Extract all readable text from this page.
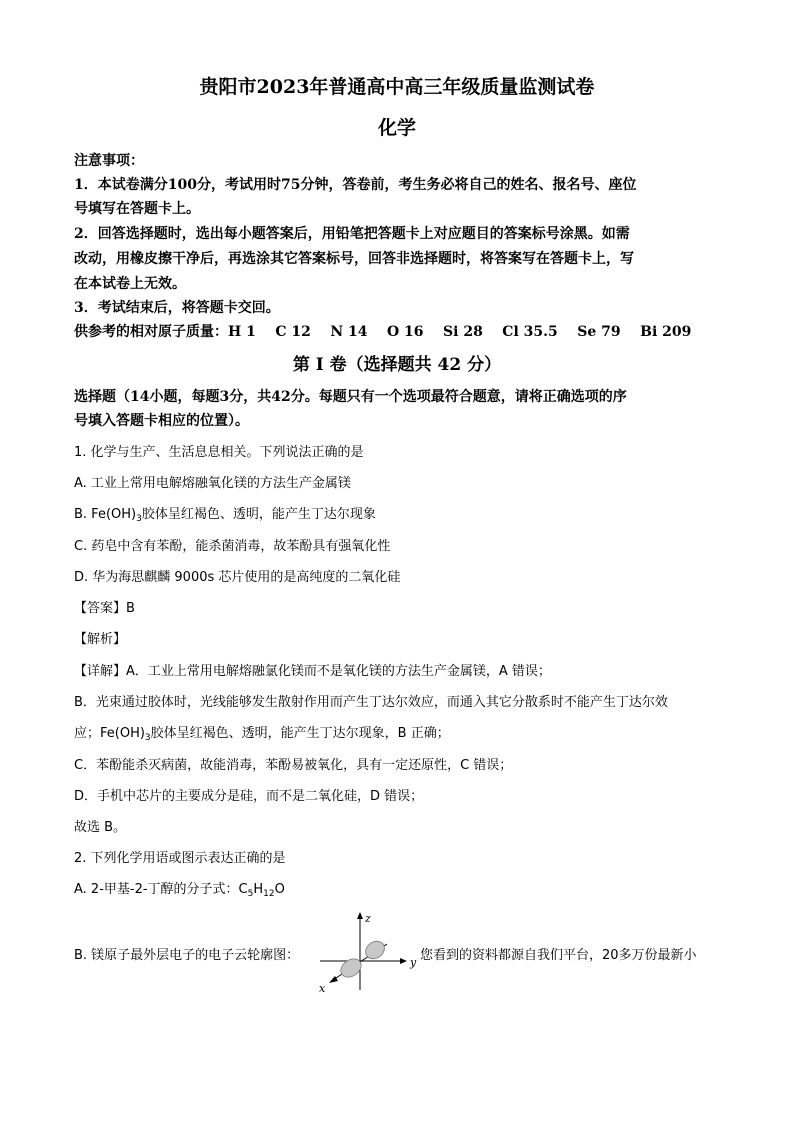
贵阳市2023年普通高中高三年级质量监测试卷
化学
注意事项：
1．本试卷满分100分，考试用时75分钟，答卷前，考生务必将自己的姓名、报名号、座位
号填写在答题卡上。
2．回答选择题时，选出每小题答案后，用铅笔把答题卡上对应题目的答案标号涂黑。如需
改动，用橡皮擦干净后，再选涂其它答案标号，回答非选择题时，将答案写在答题卡上，写
在本试卷上无效。
3．考试结束后，将答题卡交回。
供参考的相对原子质量：H 1    C 12    N 14    O 16    Si 28    Cl 35.5    Se 79    Bi 209
第 I 卷（选择题共 42 分）
选择题（14小题，每题3分，共42分。每题只有一个选项最符合题意，请将正确选项的序
号填入答题卡相应的位置）。
1. 化学与生产、生活息息相关。下列说法正确的是
A. 工业上常用电解熔融氧化镁的方法生产金属镁
B. $Fe(OH)_3$胶体呈红褐色、透明，能产生丁达尔现象
C. 药皂中含有苯酚，能杀菌消毒，故苯酚具有强氧化性
D. 华为海思麒麟 9000s 芯片使用的是高纯度的二氧化硅
【答案】B
【解析】
【详解】A．工业上常用电解熔融氯化镁而不是氧化镁的方法生产金属镁，A 错误；
B．光束通过胶体时，光线能够发生散射作用而产生丁达尔效应，而通入其它分散系时不能产生丁达尔效
应；$Fe(OH)_3$胶体呈红褐色、透明，能产生丁达尔现象，B 正确；
C．苯酚能杀灭病菌，故能消毒，苯酚易被氧化，具有一定还原性，C 错误；
D．手机中芯片的主要成分是硅，而不是二氧化硅，D 错误；
故选 B。
2. 下列化学用语或图示表达正确的是
A. 2-甲基-2-丁醇的分子式：$C_5H_{12}O$
B. 镁原子最外层电子的电子云轮廓图：	您看到的资料都源自我们平台，20多万份最新小
z
y
x
